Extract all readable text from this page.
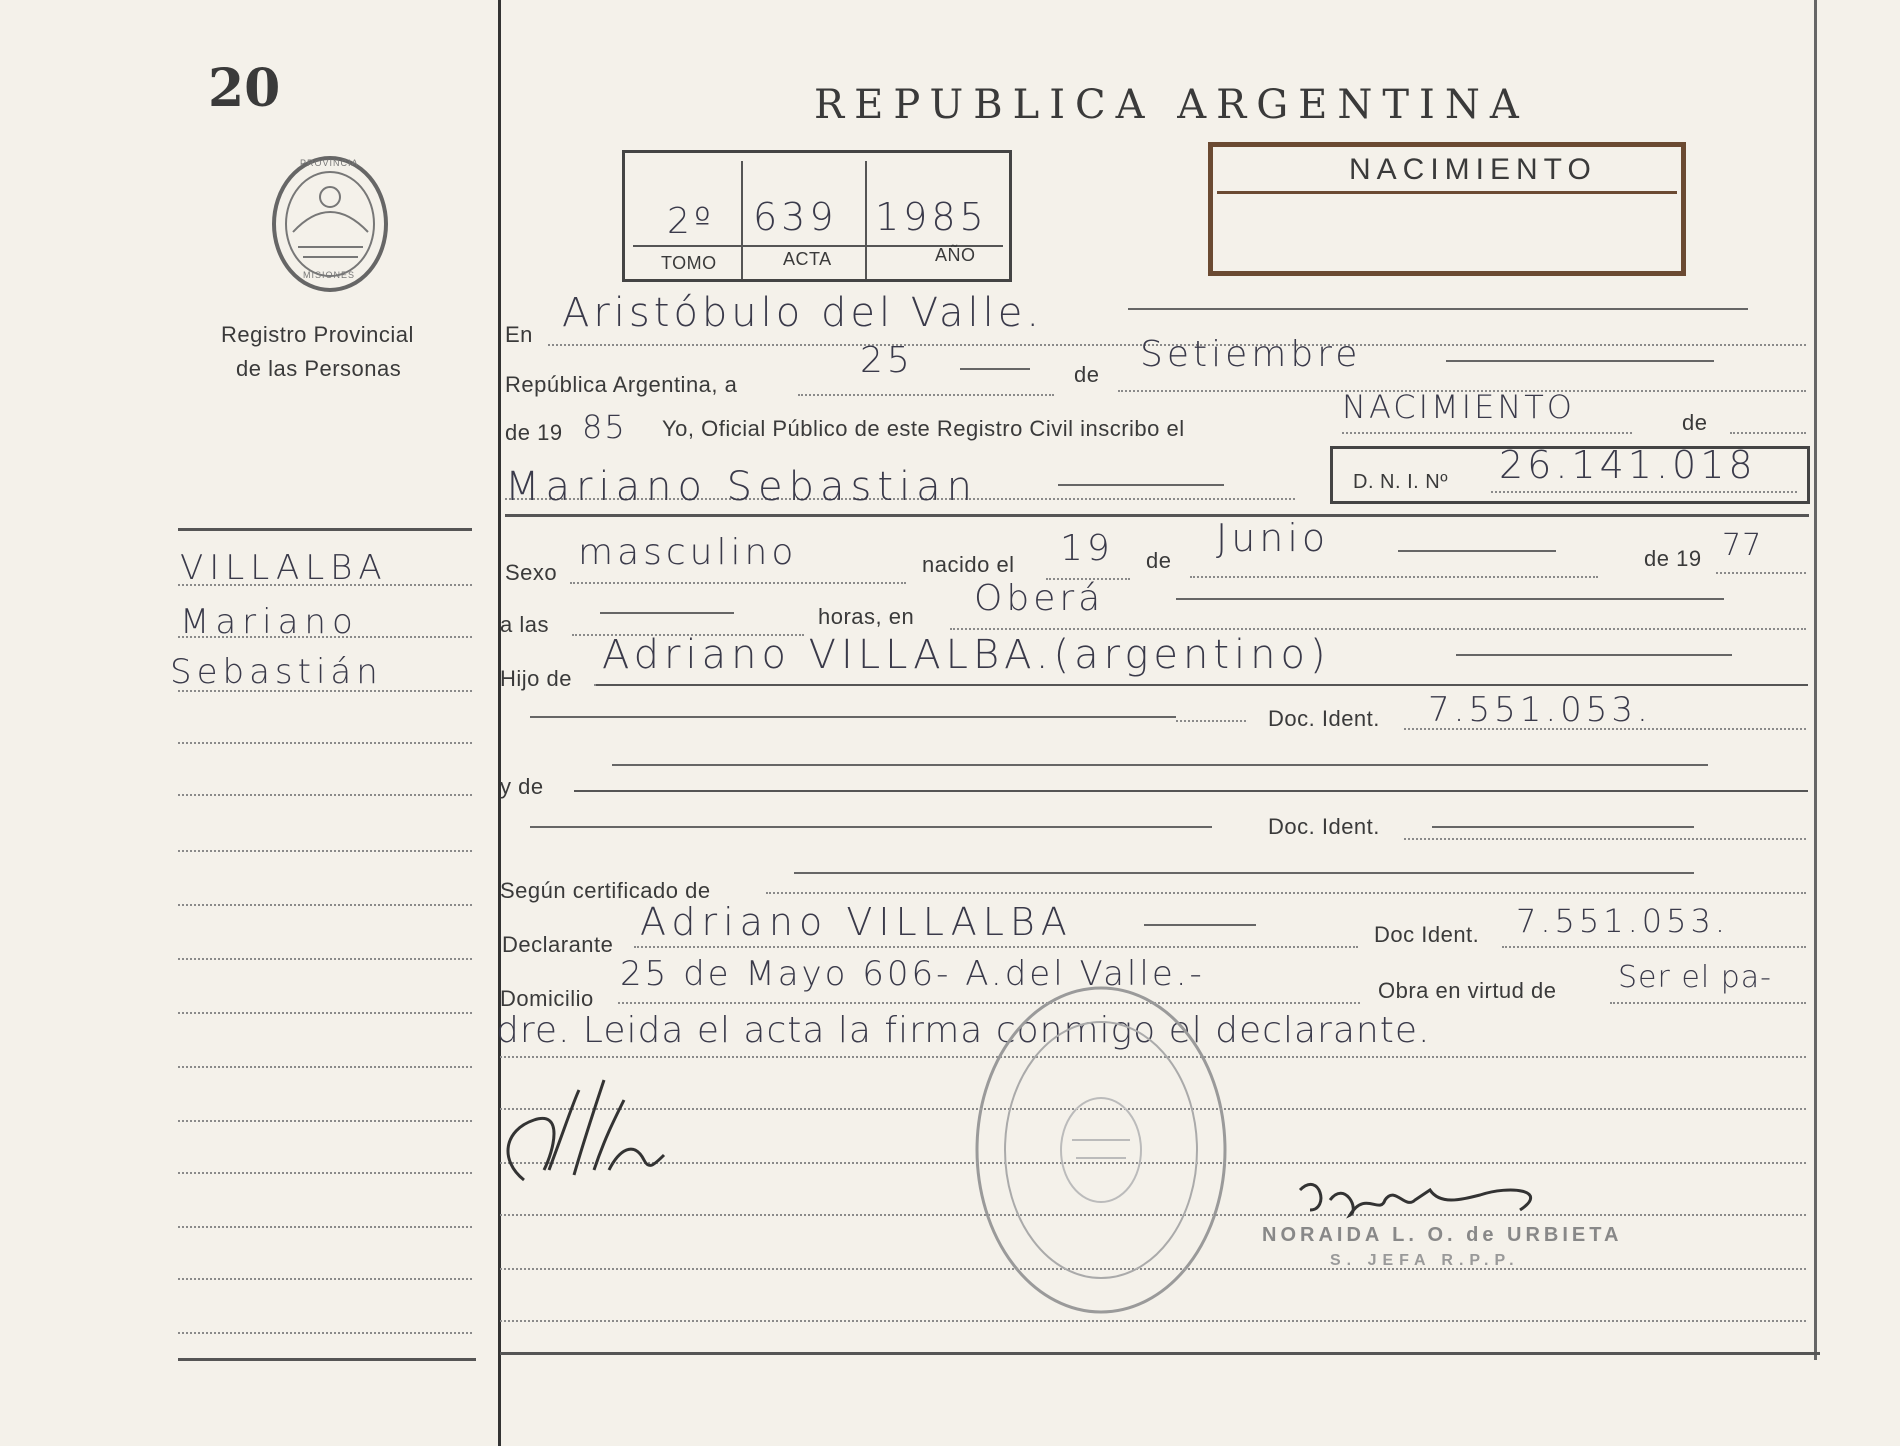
20
PROVINCIA
MISIONES
Registro Provincial
de las Personas
REPUBLICA ARGENTINA
2º 639 1985
TOMO	ACTA	AÑO
NACIMIENTO
En Aristóbulo del Valle.
República Argentina, a
25	de Setiembre
de 19 85 Yo, Oficial Público de este Registro Civil inscribo el
NACIMIENTO	de
Mariano Sebastian	D. N. I. Nº 26.141.018
VILLALBA
Mariano
Sebastián
Sexo masculino	nacido el 19 de
Junio	de 19 77
a las	horas, en Oberá
Hijo de
Adriano VILLALBA.(argentino)
Doc. Ident. 7.551.053.
y de
Doc. Ident.
Según certificado de
Declarante
Adriano VILLALBA	Doc Ident. 7.551.053.
Domicilio
25 de Mayo 606- A.del Valle.-	Obra en virtud de Ser el pa-
dre. Leida el acta la firma conmigo el declarante.
NORAIDA L. O. de URBIETA
S. JEFA R.P.P.
